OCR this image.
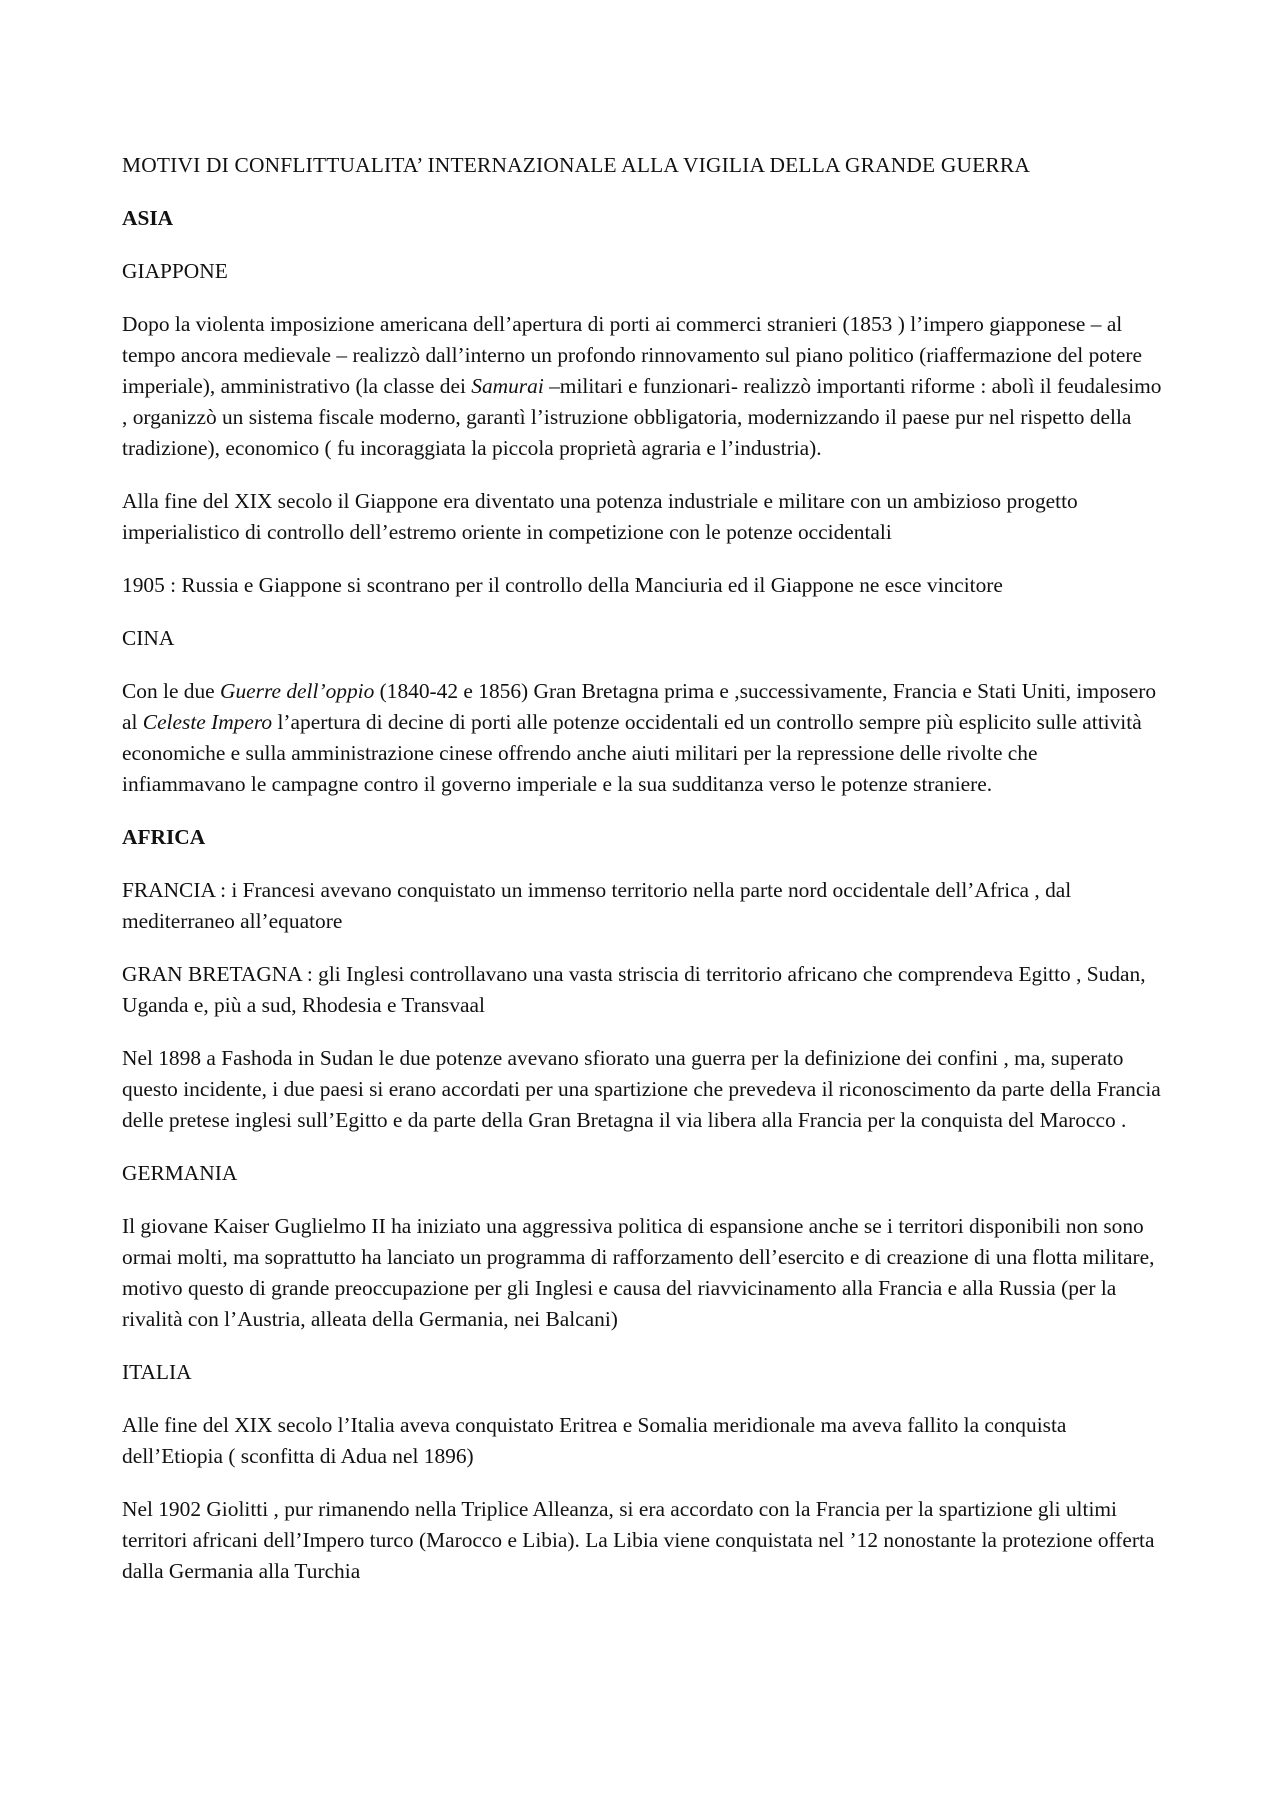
MOTIVI DI CONFLITTUALITA’ INTERNAZIONALE ALLA VIGILIA DELLA GRANDE GUERRA

ASIA

GIAPPONE

Dopo la violenta imposizione americana dell’apertura di porti ai commerci stranieri (1853 ) l’impero giapponese – al tempo ancora medievale – realizzò dall’interno un profondo rinnovamento sul piano politico (riaffermazione del potere imperiale), amministrativo (la classe dei Samurai –militari e funzionari- realizzò importanti riforme : abolì il feudalesimo , organizzò un sistema fiscale moderno, garantì l’istruzione obbligatoria, modernizzando il paese pur nel rispetto della tradizione), economico ( fu incoraggiata la piccola proprietà agraria e l’industria).

Alla fine del XIX secolo il Giappone era diventato una potenza industriale e militare con un ambizioso progetto imperialistico di controllo dell’estremo oriente in competizione con le potenze occidentali

1905 : Russia e Giappone si scontrano per il controllo della Manciuria ed il Giappone ne esce vincitore

CINA

Con le due Guerre dell’oppio (1840-42 e 1856) Gran Bretagna prima e ,successivamente, Francia e Stati Uniti, imposero al Celeste Impero l’apertura di decine di porti alle potenze occidentali ed un controllo sempre più esplicito sulle attività economiche e sulla amministrazione cinese offrendo anche aiuti militari per la repressione delle rivolte che infiammavano le campagne contro il governo imperiale e la sua sudditanza verso le potenze straniere.

AFRICA

FRANCIA : i Francesi avevano conquistato un immenso territorio nella parte nord occidentale dell’Africa , dal mediterraneo all’equatore

GRAN BRETAGNA : gli Inglesi controllavano una vasta striscia di territorio africano che comprendeva Egitto , Sudan, Uganda e, più a sud, Rhodesia e Transvaal

Nel 1898 a Fashoda in Sudan le due potenze avevano sfiorato una guerra per la definizione dei confini , ma, superato questo incidente, i due paesi si erano accordati per una spartizione che prevedeva il riconoscimento da parte della Francia delle pretese inglesi sull’Egitto e da parte della Gran Bretagna il via libera alla Francia per la conquista del Marocco .

GERMANIA

Il giovane Kaiser Guglielmo II ha iniziato una aggressiva politica di espansione anche se i territori disponibili non sono ormai molti, ma soprattutto ha lanciato un programma di rafforzamento dell’esercito e di creazione di una flotta militare, motivo questo di grande preoccupazione per gli Inglesi e causa del riavvicinamento alla Francia e alla Russia (per la rivalità con l’Austria, alleata della Germania, nei Balcani)

ITALIA

Alle fine del XIX secolo l’Italia aveva conquistato Eritrea e Somalia meridionale ma aveva fallito la conquista dell’Etiopia ( sconfitta di Adua nel 1896)

Nel 1902 Giolitti , pur rimanendo nella Triplice Alleanza, si era accordato con la Francia per la spartizione gli ultimi territori africani dell’Impero turco (Marocco e Libia). La Libia viene conquistata nel ’12 nonostante la protezione offerta dalla Germania alla Turchia
